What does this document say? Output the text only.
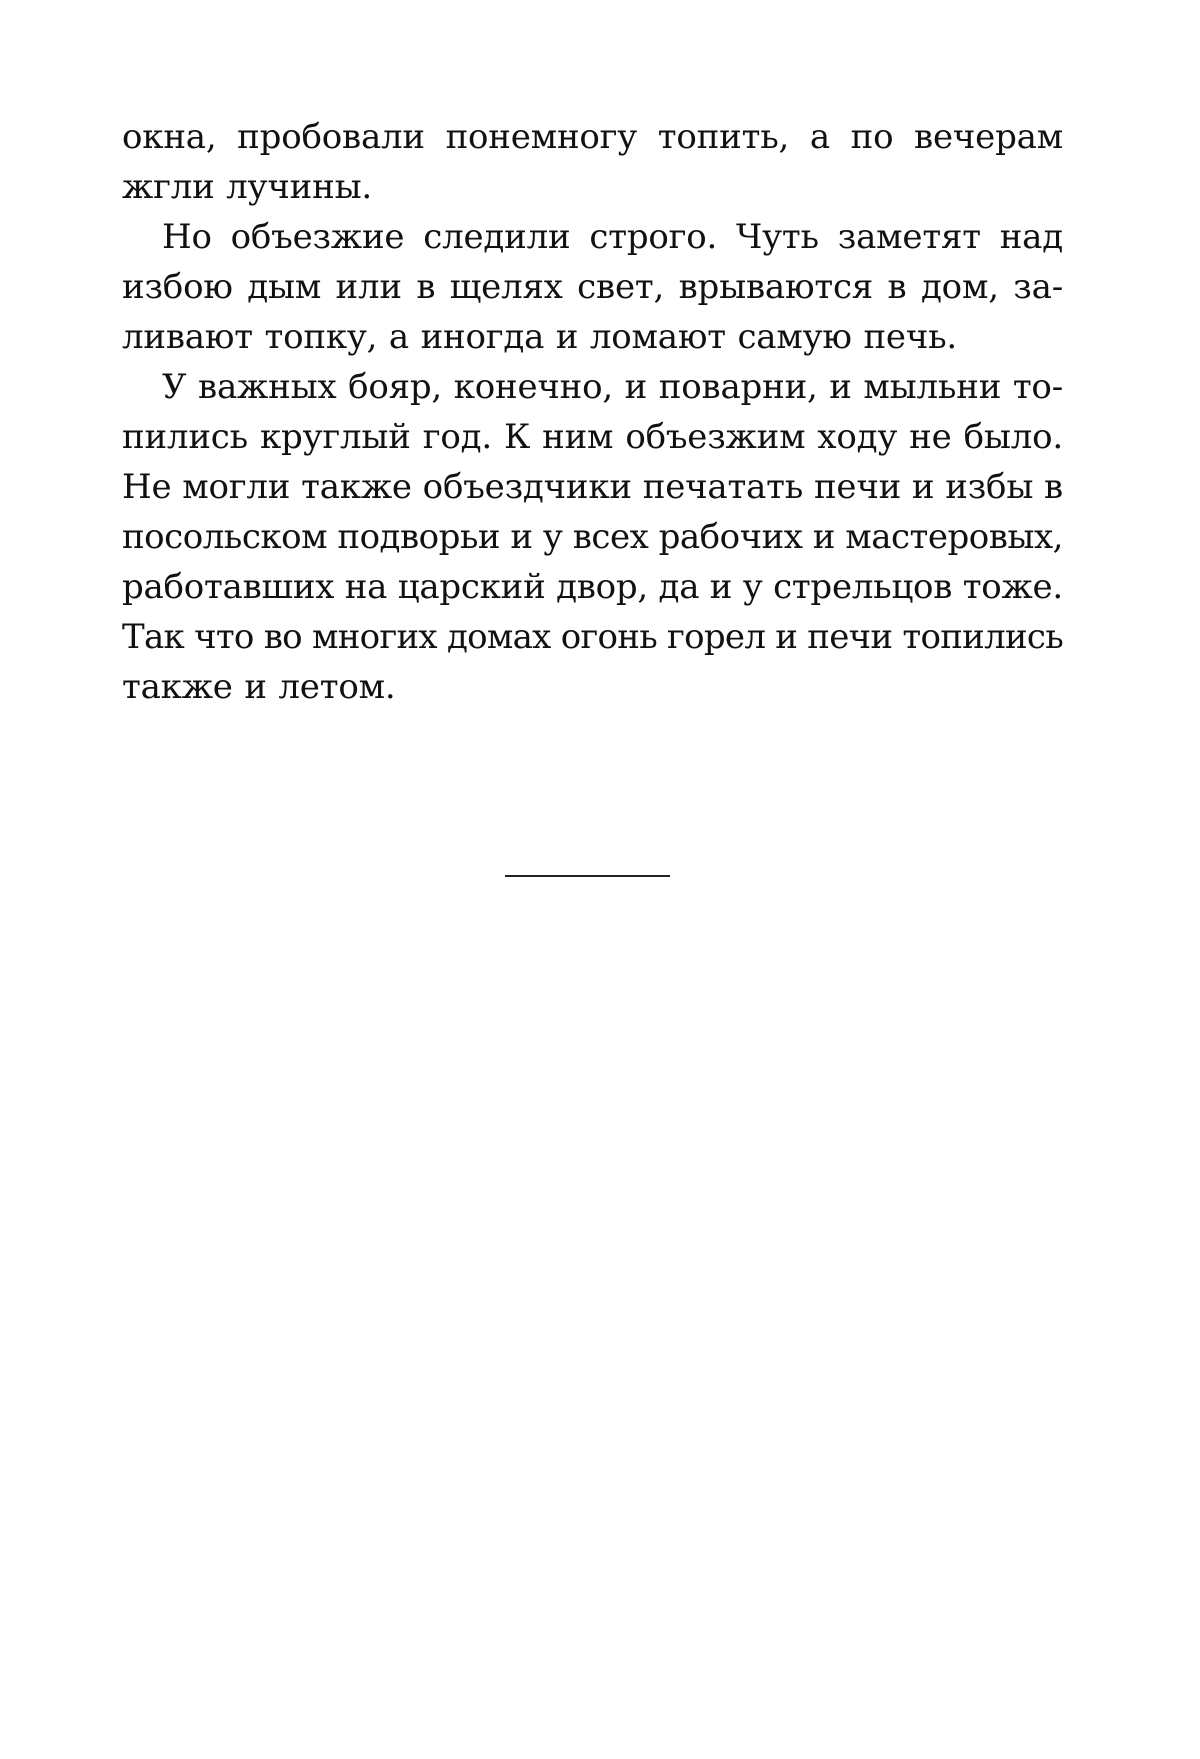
окна, пробовали понемногу топить, а по вечерам
жгли лучины.
Но объезжие следили строго. Чуть заметят над
избою дым или в щелях свет, врываются в дом, за-
ливают топку, а иногда и ломают самую печь.
У важных бояр, конечно, и поварни, и мыльни то-
пились круглый год. К ним объезжим ходу не было.
Не могли также объездчики печатать печи и избы в
посольском подворьи и у всех рабочих и мастеровых,
работавших на царский двор, да и у стрельцов тоже.
Так что во многих домах огонь горел и печи топились
также и летом.
